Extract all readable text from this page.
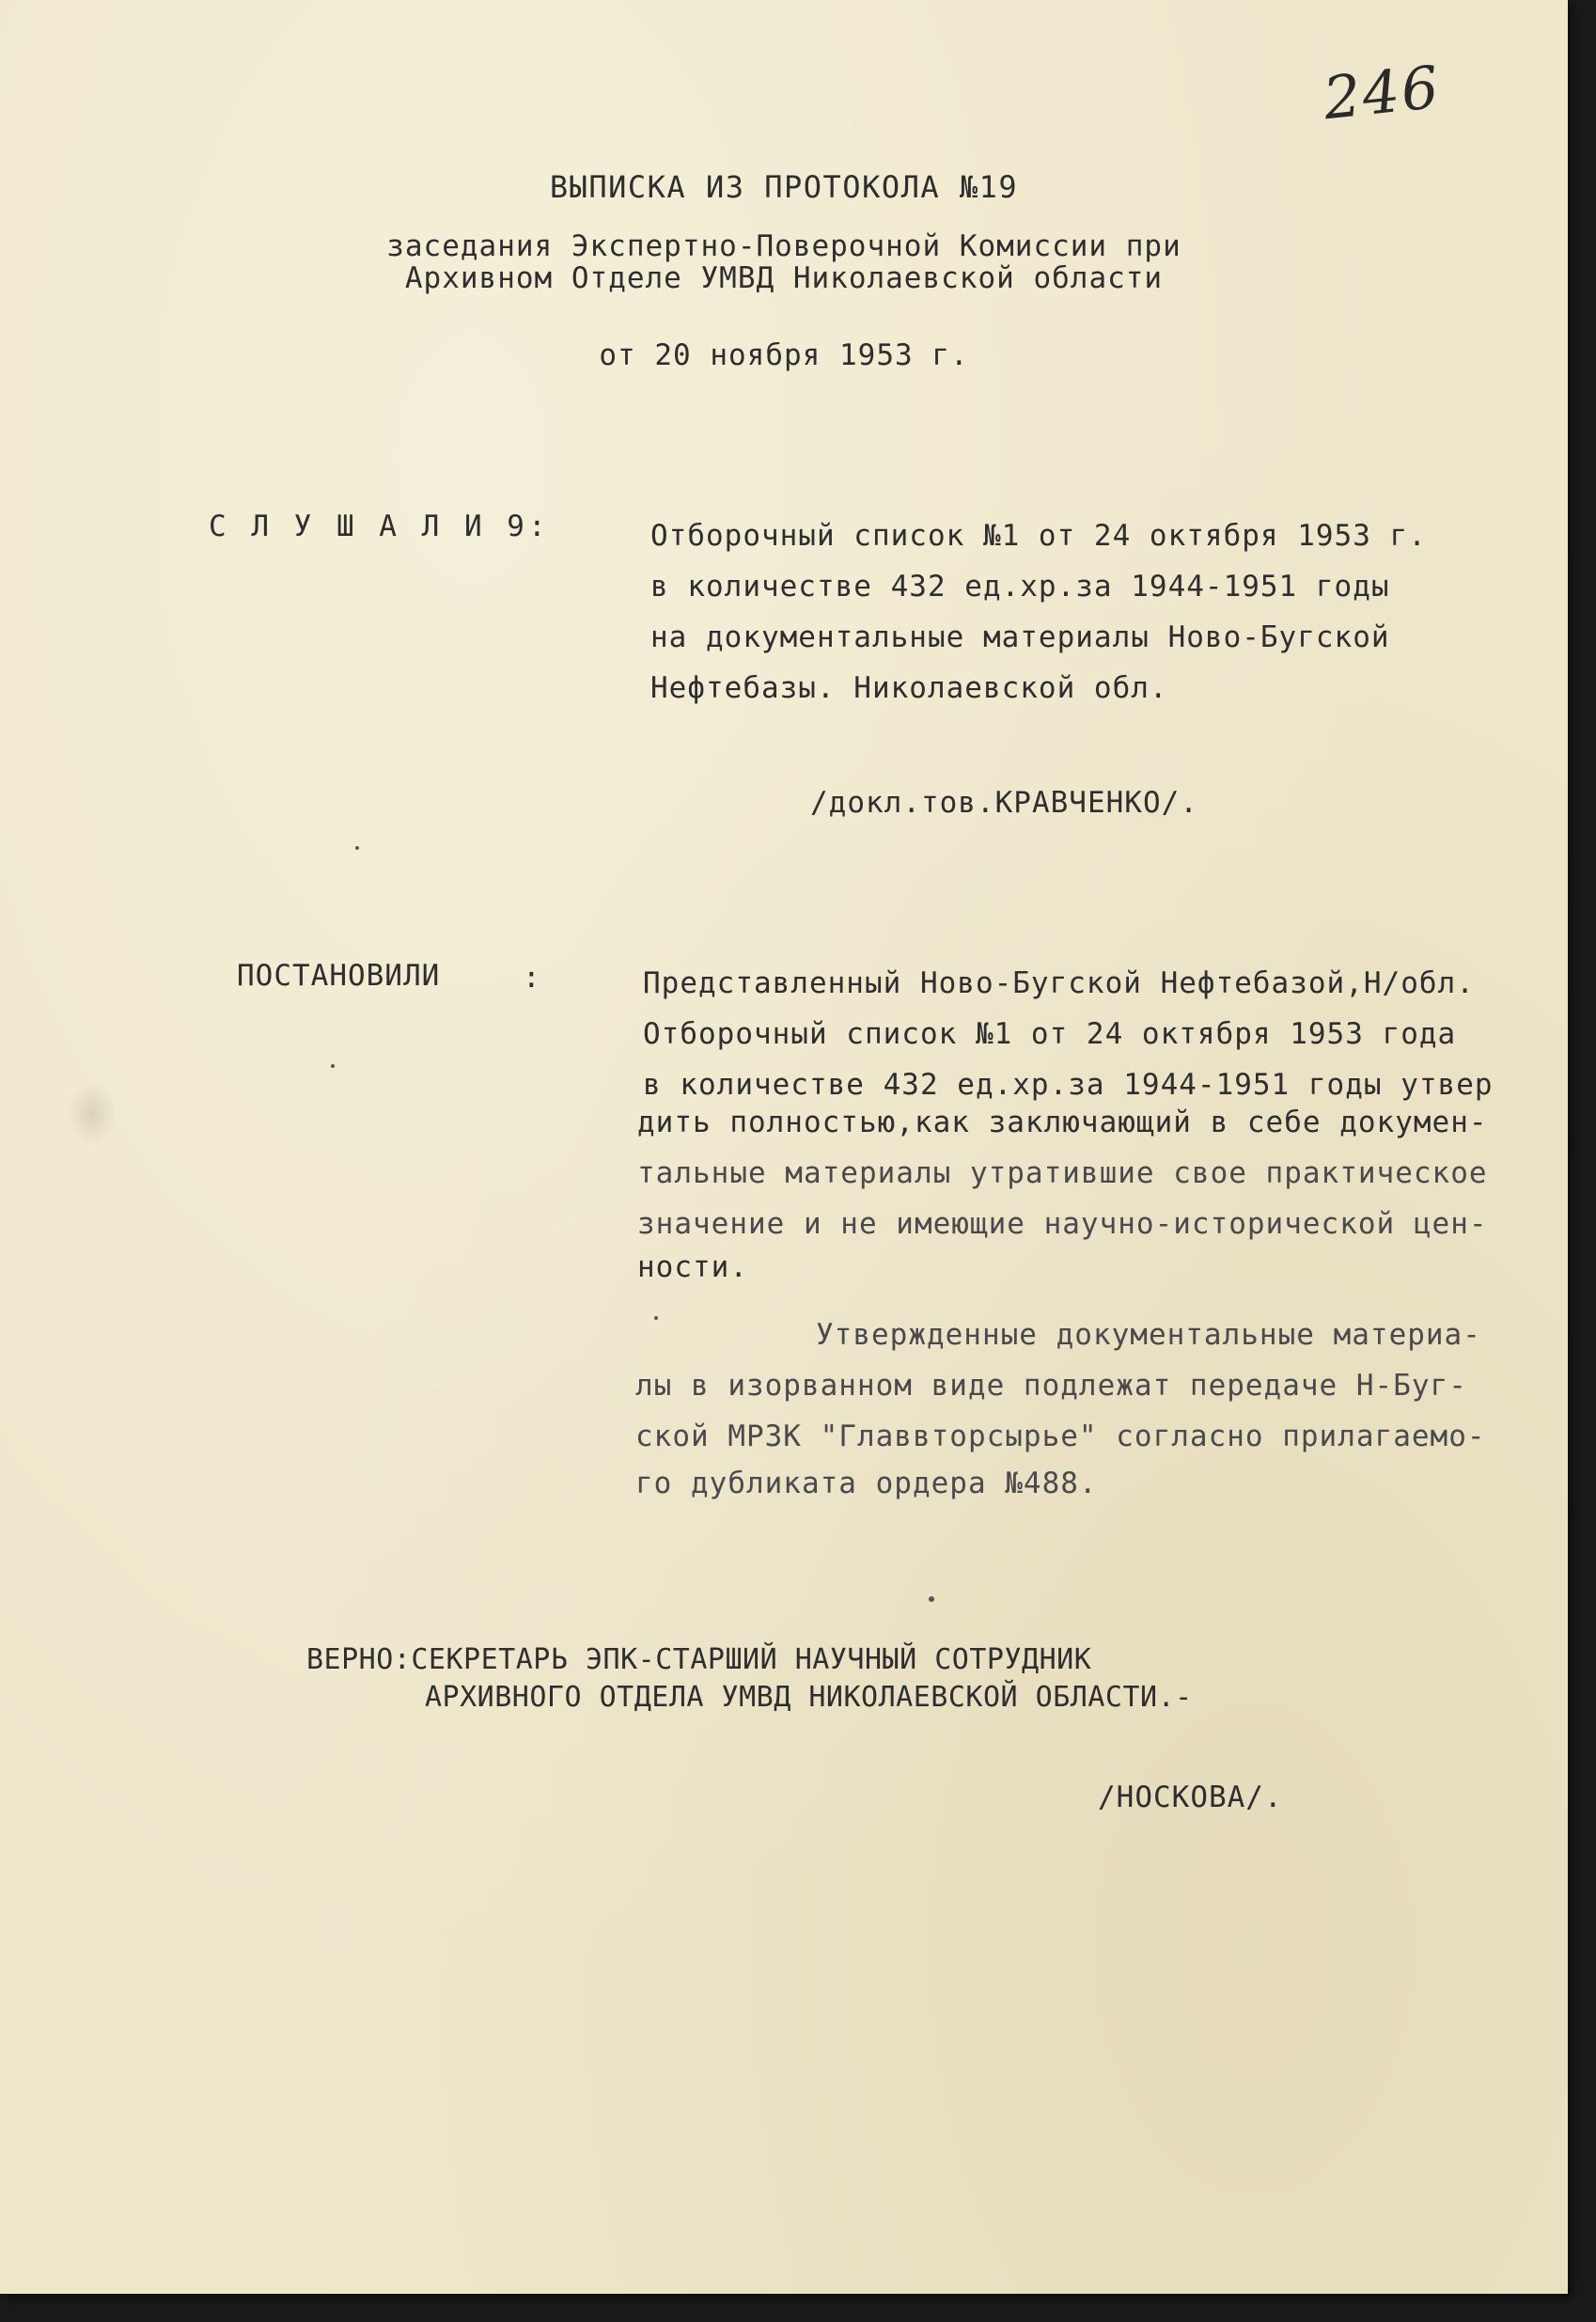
246
ВЫПИСКА ИЗ ПРОТОКОЛА №19
заседания Экспертно-Поверочной Комиссии при
Архивном Отделе УМВД Николаевской области
от 20 ноября 1953 г.
С Л У Ш А Л И 9:	Отборочный список №1 от 24 октября 1953 г.
в количестве 432 ед.хр.за 1944-1951 годы
на документальные материалы Ново-Бугской
Нефтебазы. Николаевской обл.
/докл.тов.КРАВЧЕНКО/.
ПОСТАНОВИЛИ	:	Представленный Ново-Бугской Нефтебазой,Н/обл.
Отборочный список №1 от 24 октября 1953 года
в количестве 432 ед.хр.за 1944-1951 годы утвер
дить полностью,как заключающий в себе докумен-
тальные материалы утратившие свое практическое
значение и не имеющие научно-исторической цен-
ности.
Утвержденные документальные материа-
лы в изорванном виде подлежат передаче Н-Буг-
ской МРЗК "Главвторсырье" согласно прилагаемо-
го дубликата ордера №488.
ВЕРНО:СЕКРЕТАРЬ ЭПК-СТАРШИЙ НАУЧНЫЙ СОТРУДНИК
АРХИВНОГО ОТДЕЛА УМВД НИКОЛАЕВСКОЙ ОБЛАСТИ.-
/НОСКОВА/.
